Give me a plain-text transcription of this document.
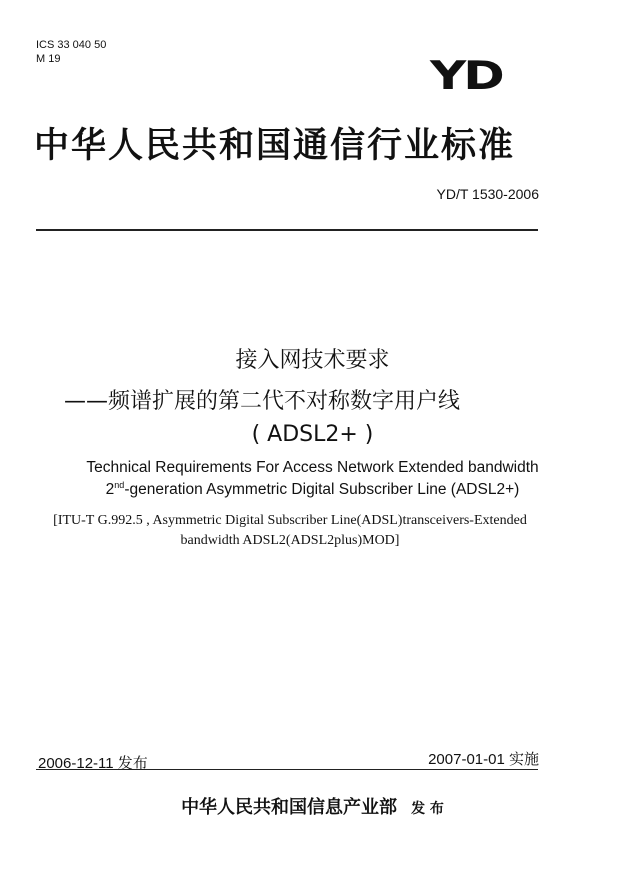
ICS 33 040 50
M 19	YD
中华人民共和国通信行业标准
YD/T 1530-2006
接入网技术要求
——频谱扩展的第二代不对称数字用户线
( ADSL2+ )
Technical Requirements For Access Network Extended bandwidth
2nd-generation Asymmetric Digital Subscriber Line (ADSL2+)
[ITU-T G.992.5 , Asymmetric Digital Subscriber Line(ADSL)transceivers-Extended
bandwidth ADSL2(ADSL2plus)MOD]
2006-12-11 发布	2007-01-01 实施
中华人民共和国信息产业部 发 布
